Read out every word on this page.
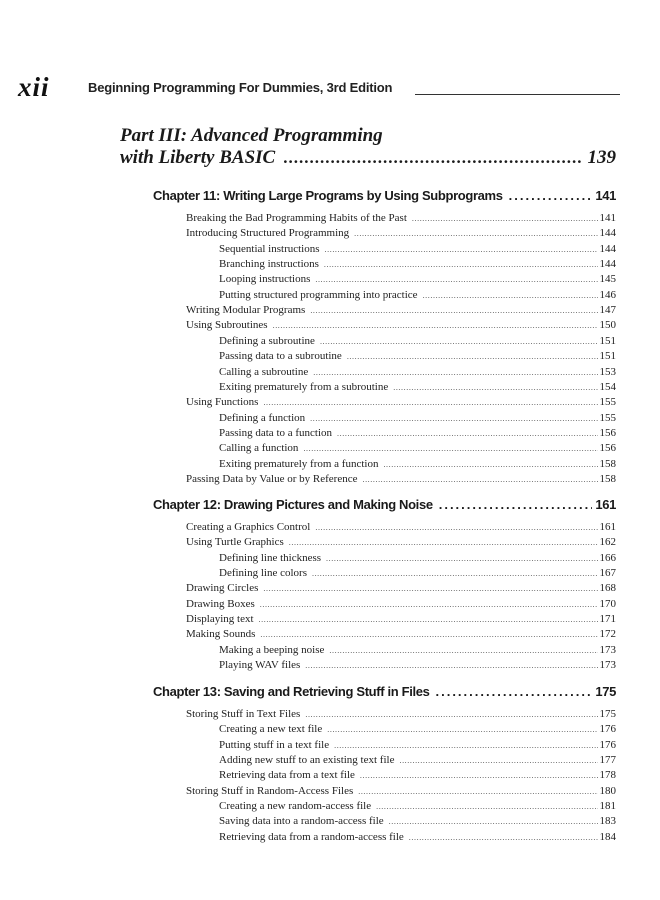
xii	Beginning Programming For Dummies, 3rd Edition
Part III: Advanced Programming
with Liberty BASIC .....	139
Chapter 11: Writing Large Programs by Using Subprograms .....	141
Breaking the Bad Programming Habits of the Past .....	141
Introducing Structured Programming .....	144
Sequential instructions .....	144
Branching instructions .....	144
Looping instructions .....	145
Putting structured programming into practice .....	146
Writing Modular Programs .....	147
Using Subroutines .....	150
Defining a subroutine .....	151
Passing data to a subroutine .....	151
Calling a subroutine .....	153
Exiting prematurely from a subroutine .....	154
Using Functions .....	155
Defining a function .....	155
Passing data to a function .....	156
Calling a function .....	156
Exiting prematurely from a function .....	158
Passing Data by Value or by Reference .....	158
Chapter 12: Drawing Pictures and Making Noise .....	161
Creating a Graphics Control .....	161
Using Turtle Graphics .....	162
Defining line thickness .....	166
Defining line colors .....	167
Drawing Circles .....	168
Drawing Boxes .....	170
Displaying text .....	171
Making Sounds .....	172
Making a beeping noise .....	173
Playing WAV files .....	173
Chapter 13: Saving and Retrieving Stuff in Files .....	175
Storing Stuff in Text Files .....	175
Creating a new text file .....	176
Putting stuff in a text file .....	176
Adding new stuff to an existing text file .....	177
Retrieving data from a text file .....	178
Storing Stuff in Random-Access Files .....	180
Creating a new random-access file .....	181
Saving data into a random-access file .....	183
Retrieving data from a random-access file .....	184
